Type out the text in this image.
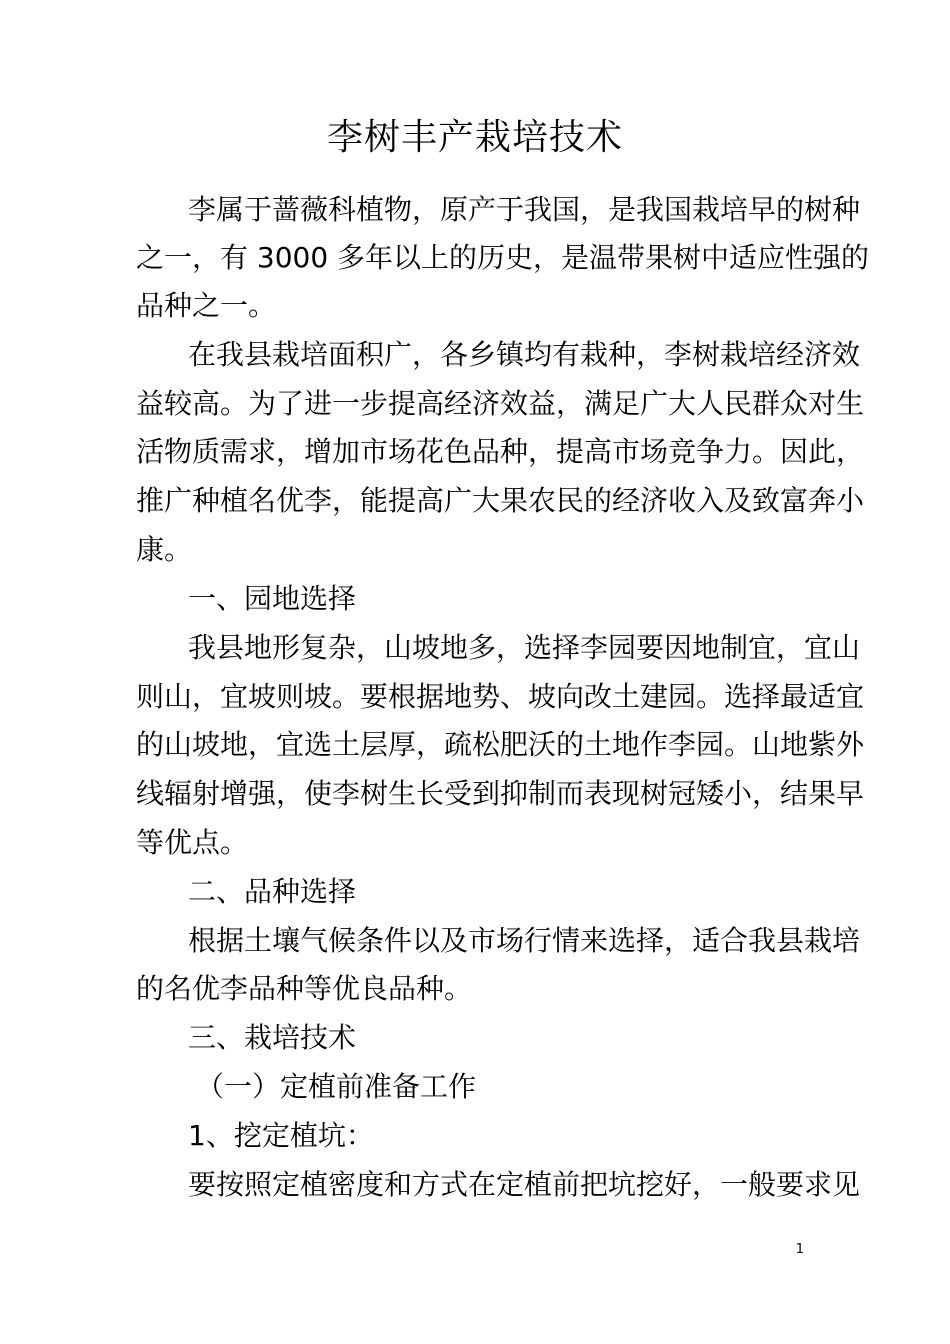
李树丰产栽培技术
李属于蔷薇科植物，原产于我国，是我国栽培早的树种
之一，有 3000 多年以上的历史，是温带果树中适应性强的
品种之一。
在我县栽培面积广，各乡镇均有栽种，李树栽培经济效
益较高。为了进一步提高经济效益，满足广大人民群众对生
活物质需求，增加市场花色品种，提高市场竞争力。因此，
推广种植名优李，能提高广大果农民的经济收入及致富奔小
康。
一、园地选择
我县地形复杂，山坡地多，选择李园要因地制宜，宜山
则山，宜坡则坡。要根据地势、坡向改土建园。选择最适宜
的山坡地，宜选土层厚，疏松肥沃的土地作李园。山地紫外
线辐射增强，使李树生长受到抑制而表现树冠矮小，结果早
等优点。
二、品种选择
根据土壤气候条件以及市场行情来选择，适合我县栽培
的名优李品种等优良品种。
三、栽培技术
（一）定植前准备工作
1、挖定植坑：
要按照定植密度和方式在定植前把坑挖好，一般要求见
1
